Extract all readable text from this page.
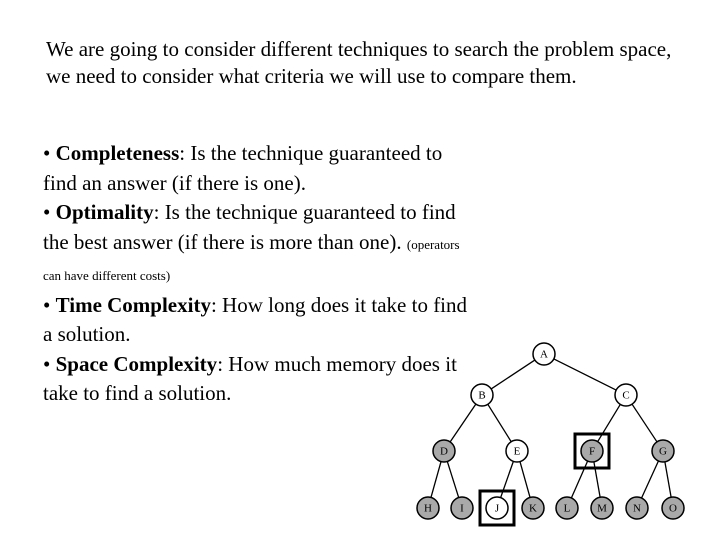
We are going to consider different techniques to search the problem space, we need to consider what criteria we will use to compare them.

• Completeness: Is the technique guaranteed to find an answer (if there is one).
• Optimality: Is the technique guaranteed to find the best answer (if there is more than one). (operators can have different costs)
• Time Complexity: How long does it take to find a solution.
• Space Complexity: How much memory does it take to find a solution.
A
B	C
D	E	F	G
H	I	J	K L M N	O
